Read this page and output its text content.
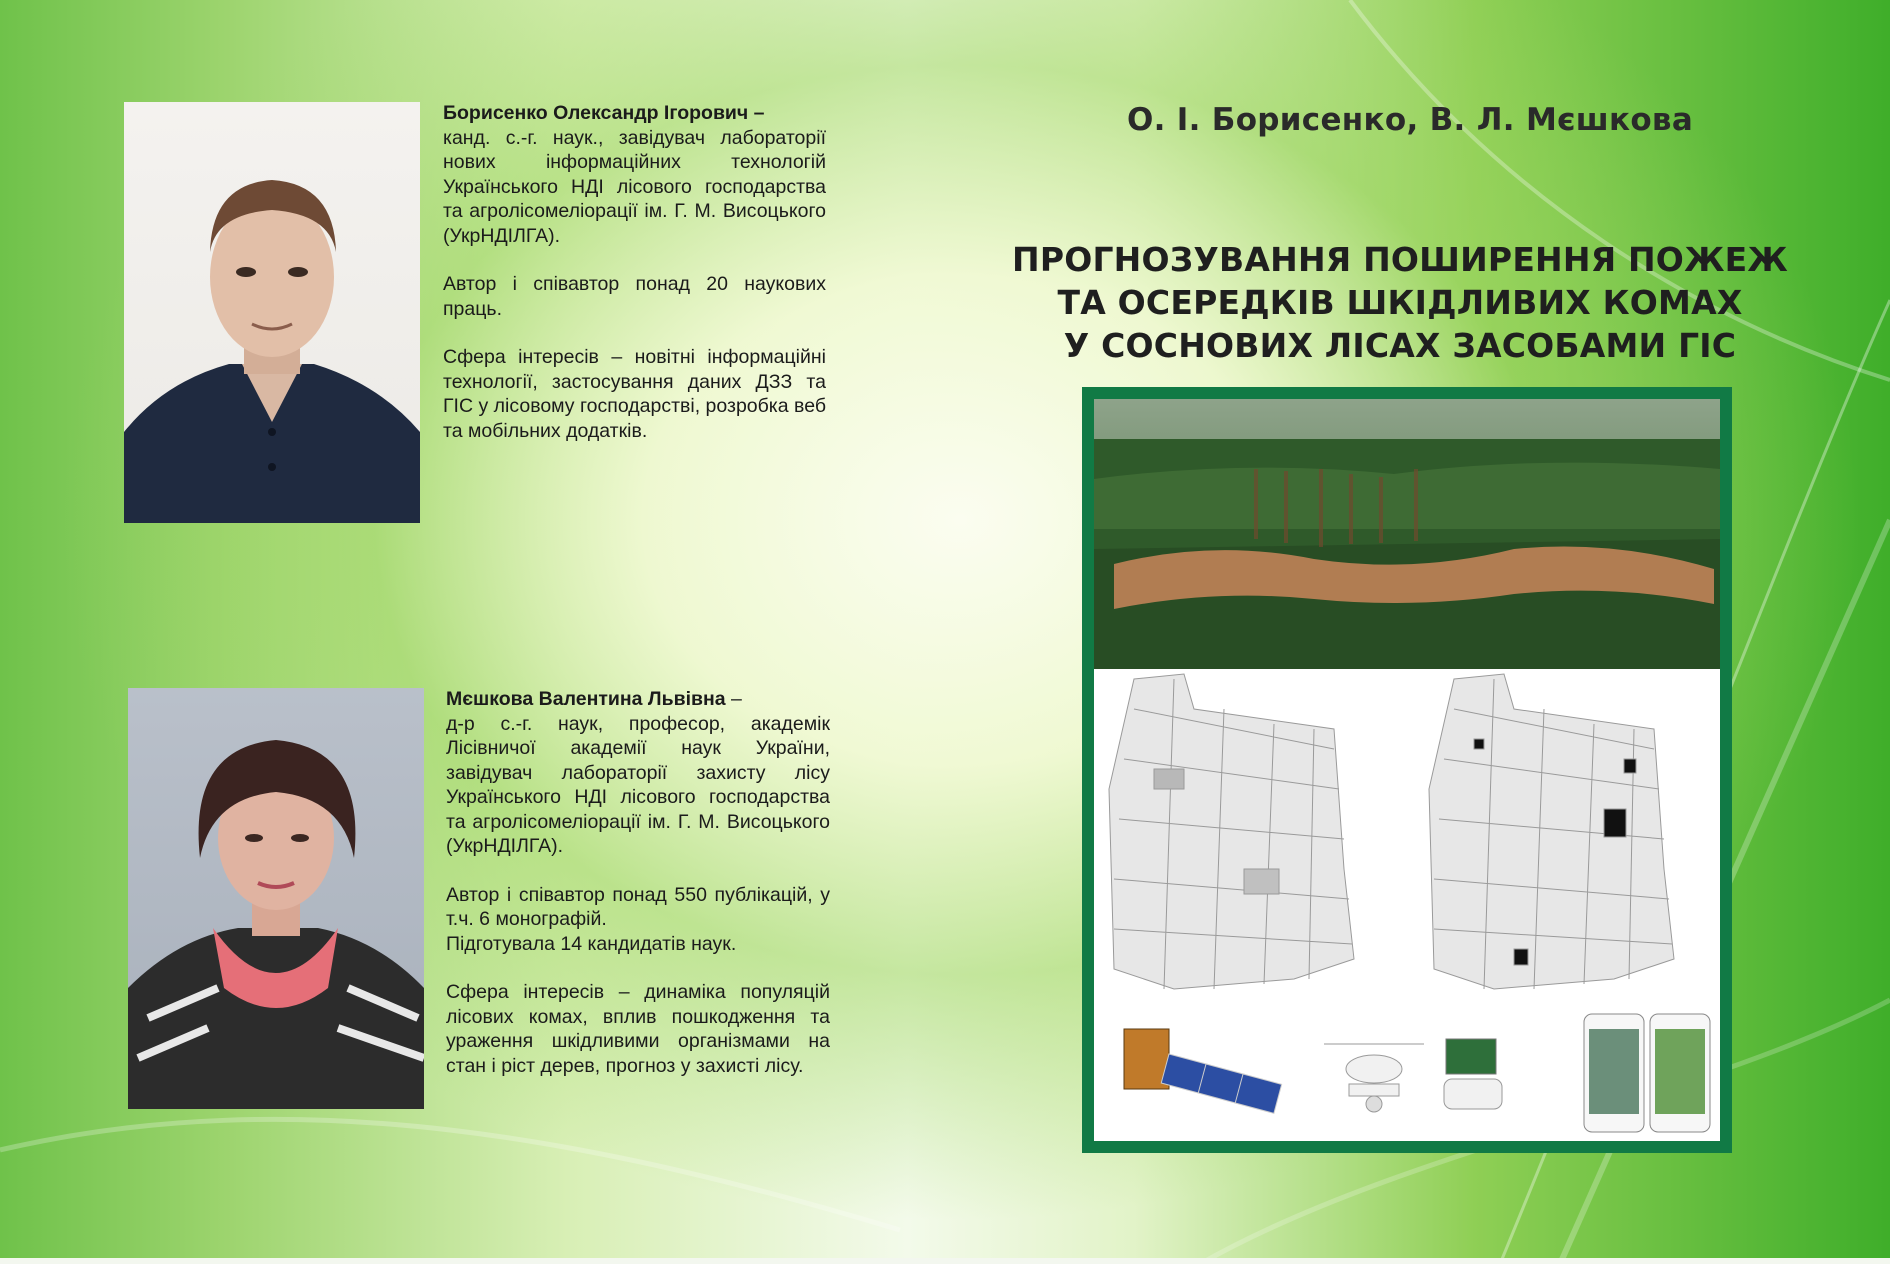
Борисенко Олександр Ігорович –
канд. с.-г. наук., завідувач лабораторії нових інформаційних технологій Українського НДІ лісового господарства та агролісомеліорації ім. Г. М. Висоцького (УкрНДІЛГА).

Автор і співавтор понад 20 наукових праць.

Сфера інтересів – новітні інформаційні технології, застосування даних ДЗЗ та ГІС у лісовому господарстві, розробка веб та мобільних додатків.

Мєшкова Валентина Львівна –
д-р с.-г. наук, професор, академік Лісівничої академії наук України, завідувач лабораторії захисту лісу Українського НДІ лісового господарства та агролісомеліорації ім. Г. М. Висоцького (УкрНДІЛГА).

Автор і співавтор понад 550 публікацій, у т.ч. 6 монографій.
Підготувала 14 кандидатів наук.

Сфера інтересів – динаміка популяцій лісових комах, вплив пошкодження та ураження шкідливими організмами на стан і ріст дерев, прогноз у захисті лісу.

О. І. Борисенко, В. Л. Мєшкова
ПРОГНОЗУВАННЯ ПОШИРЕННЯ ПОЖЕЖ
ТА ОСЕРЕДКІВ ШКІДЛИВИХ КОМАХ
У СОСНОВИХ ЛІСАХ ЗАСОБАМИ ГІС
